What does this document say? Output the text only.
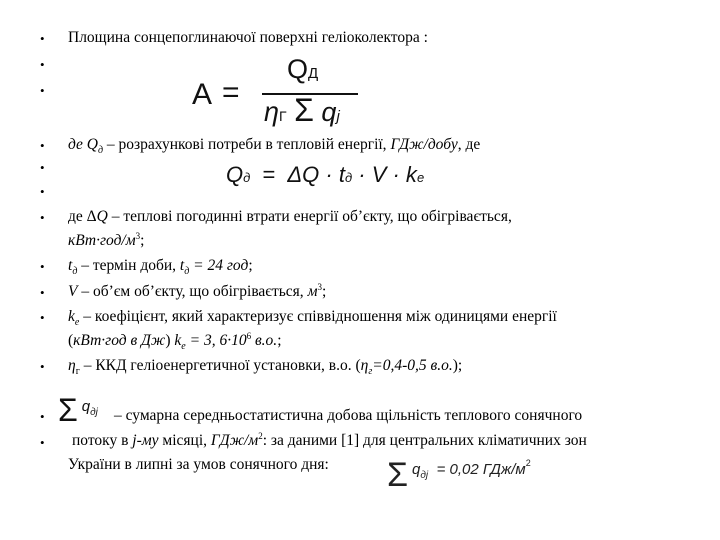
•
•
•
•
•
•
•
•
•
•
•
•
•
Площина сонцепоглинаючої поверхні геліоколектора :
A =
QД
ηГ Σ qj
де $Q_д$ – розрахункові потреби в тепловій енергії, ГДж/добу, де
Qд = ΔQ · tд · V · kе
де ΔQ – теплові погодинні втрати енергії об’єкту, що обігрівається,
$кВт\cdot год/м^3$;
$t_д$ – термін доби, $t_д = 24$ год;
V – об’єм об’єкту, що обігрівається, $м^3$;
$k_е$ – коефіцієнт, який характеризує співвідношення між одиницями енергії
(кВт·год в Дж) $k_е = 3$, $6\cdot 10^6$ в.о.;
$\eta_г$ – ККД геліоенергетичної установки, в.о. ($\eta_г=0,4-0,5$ в.о.);
$\Sigma q^{дj}$ – сумарна середньостатистична добова щільність теплового сонячного
потоку в j-му місяці, ГДж/$м^2$: за даними [1] для центральних кліматичних зон
України в липні за умов сонячного дня: $\Sigma q^{дj} = 0,02$ ГДж/$м^2$
